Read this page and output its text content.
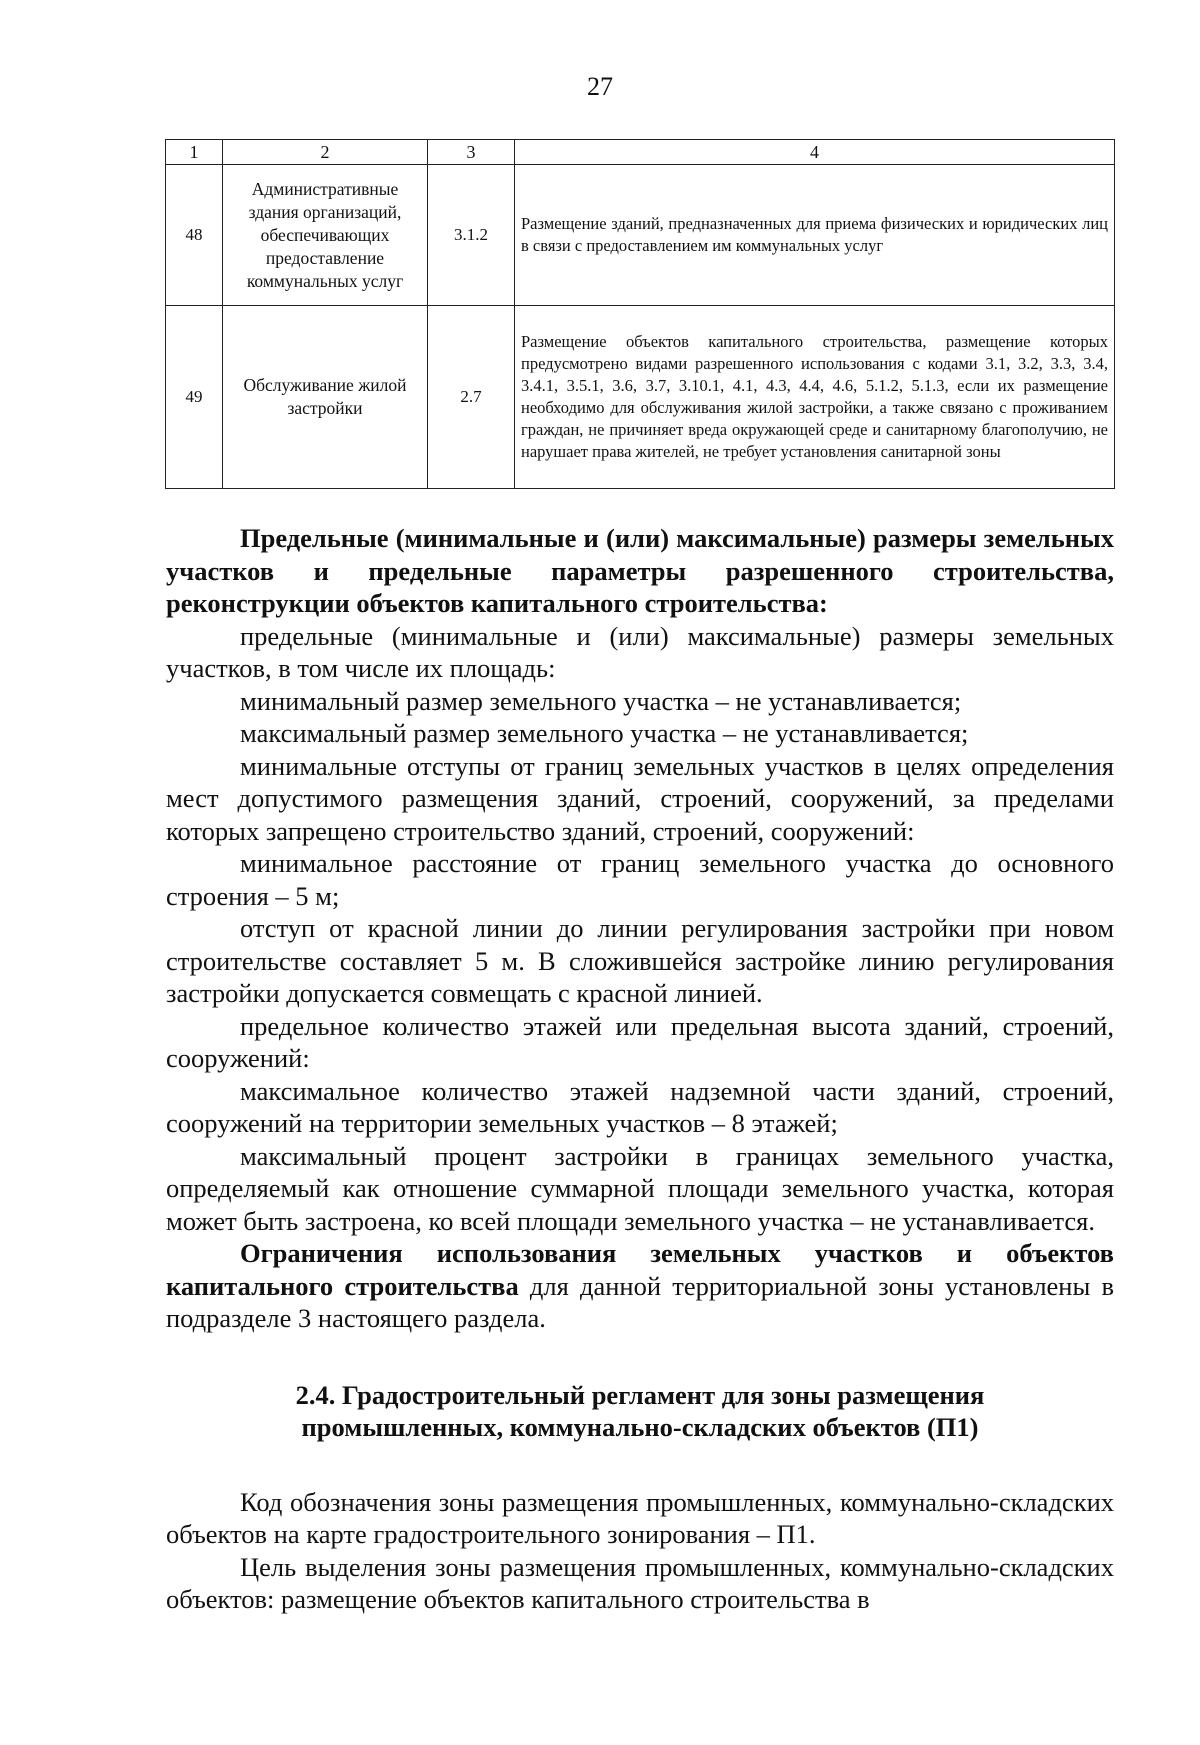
27
1	2	3	4
48	Административные здания организаций, обеспечивающих предоставление коммунальных услуг	3.1.2	Размещение зданий, предназначенных для приема физических и юридических лиц в связи с предоставлением им коммунальных услуг
49	Обслуживание жилой застройки	2.7	Размещение объектов капитального строительства, размещение которых предусмотрено видами разрешенного использования с кодами 3.1, 3.2, 3.3, 3.4, 3.4.1, 3.5.1, 3.6, 3.7, 3.10.1, 4.1, 4.3, 4.4, 4.6, 5.1.2, 5.1.3, если их размещение необходимо для обслуживания жилой застройки, а также связано с проживанием граждан, не причиняет вреда окружающей среде и санитарному благополучию, не нарушает права жителей, не требует установления санитарной зоны

Предельные (минимальные и (или) максимальные) размеры земельных участков и предельные параметры разрешенного строительства, реконструкции объектов капитального строительства:

предельные (минимальные и (или) максимальные) размеры земельных участков, в том числе их площадь:

минимальный размер земельного участка – не устанавливается;

максимальный размер земельного участка – не устанавливается;

минимальные отступы от границ земельных участков в целях определения мест допустимого размещения зданий, строений, сооружений, за пределами которых запрещено строительство зданий, строений, сооружений:

минимальное расстояние от границ земельного участка до основного строения – 5 м;

отступ от красной линии до линии регулирования застройки при новом строительстве составляет 5 м. В сложившейся застройке линию регулирования застройки допускается совмещать с красной линией.

предельное количество этажей или предельная высота зданий, строений, сооружений:

максимальное количество этажей надземной части зданий, строений, сооружений на территории земельных участков – 8 этажей;

максимальный процент застройки в границах земельного участка, определяемый как отношение суммарной площади земельного участка, которая может быть застроена, ко всей площади земельного участка – не устанавливается.

Ограничения использования земельных участков и объектов капитального строительства для данной территориальной зоны установлены в подразделе 3 настоящего раздела.

2.4. Градостроительный регламент для зоны размещения
промышленных, коммунально-складских объектов (П1)

Код обозначения зоны размещения промышленных, коммунально-складских объектов на карте градостроительного зонирования – П1.

Цель выделения зоны размещения промышленных, коммунально-складских объектов: размещение объектов капитального строительства в
